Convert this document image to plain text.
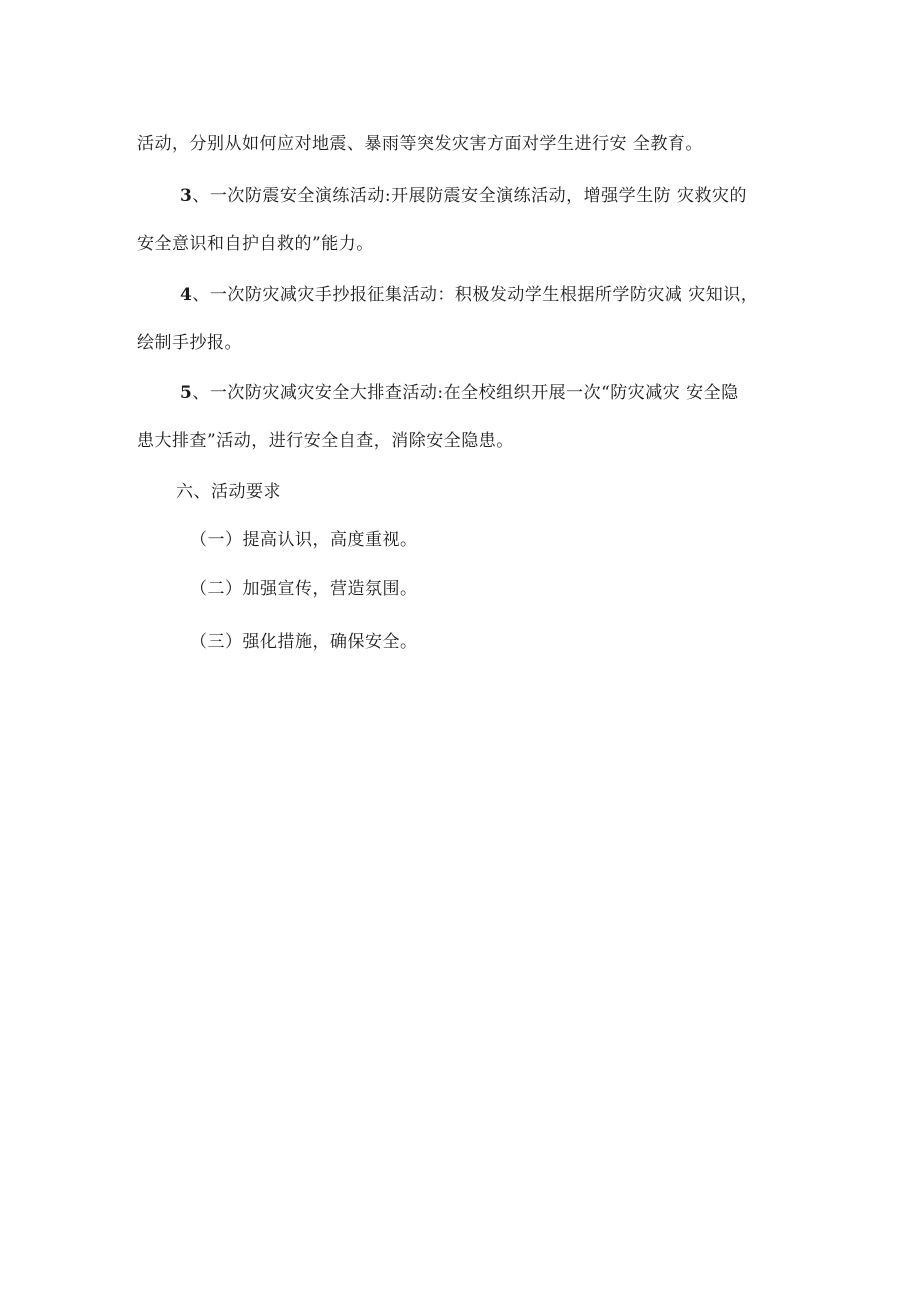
活动，分别从如何应对地震、暴雨等突发灾害方面对学生进行安 全教育。
3、一次防震安全演练活动:开展防震安全演练活动，增强学生防 灾救灾的
安全意识和自护自救的”能力。
4、一次防灾减灾手抄报征集活动：积极发动学生根据所学防灾减 灾知识，
绘制手抄报。
5、一次防灾减灾安全大排查活动:在全校组织开展一次“防灾减灾 安全隐
患大排查”活动，进行安全自查，消除安全隐患。
六、活动要求
（一）提高认识，高度重视。
（二）加强宣传，营造氛围。
（三）强化措施，确保安全。
